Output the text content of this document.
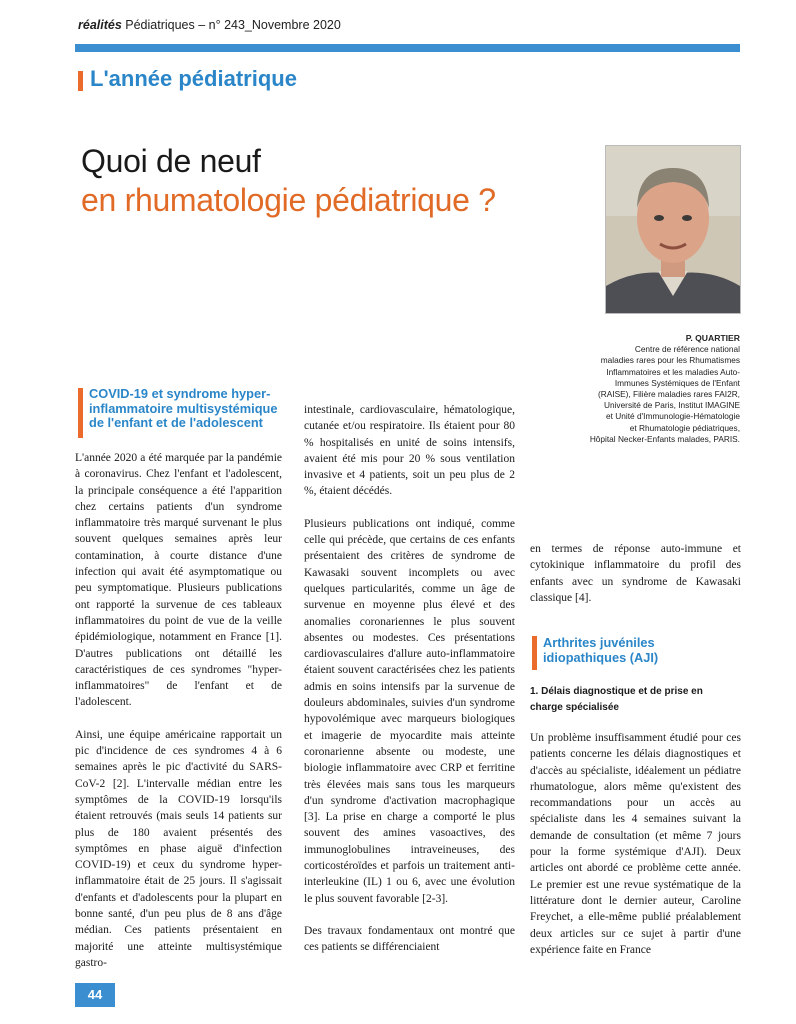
réalités Pédiatriques – n° 243_Novembre 2020
L'année pédiatrique
Quoi de neuf
en rhumatologie pédiatrique ?
P. QUARTIER
Centre de référence national
maladies rares pour les Rhumatismes
Inflammatoires et les maladies Auto-
Immunes Systémiques de l'Enfant
(RAISE), Filière maladies rares FAI2R,
Université de Paris, Institut IMAGINE
et Unité d'Immunologie-Hématologie
et Rhumatologie pédiatriques,
Hôpital Necker-Enfants malades, PARIS.
COVID-19 et syndrome hyper-inflammatoire multisystémique de l'enfant et de l'adolescent

L'année 2020 a été marquée par la pandémie à coronavirus. Chez l'enfant et l'adolescent, la principale conséquence a été l'apparition chez certains patients d'un syndrome inflammatoire très marqué survenant le plus souvent quelques semaines après leur contamination, à courte distance d'une infection qui avait été asymptomatique ou peu symptomatique. Plusieurs publications ont rapporté la survenue de ces tableaux inflammatoires du point de vue de la veille épidémiologique, notamment en France [1]. D'autres publications ont détaillé les caractéristiques de ces syndromes "hyper-inflammatoires" de l'enfant et de l'adolescent.

Ainsi, une équipe américaine rapportait un pic d'incidence de ces syndromes 4 à 6 semaines après le pic d'activité du SARS-CoV-2 [2]. L'intervalle médian entre les symptômes de la COVID-19 lorsqu'ils étaient retrouvés (mais seuls 14 patients sur plus de 180 avaient présentés des symptômes en phase aiguë d'infection COVID-19) et ceux du syndrome hyper-inflammatoire était de 25 jours. Il s'agissait d'enfants et d'adolescents pour la plupart en bonne santé, d'un peu plus de 8 ans d'âge médian. Ces patients présentaient en majorité une atteinte multisystémique gastro-

intestinale, cardiovasculaire, hématologique, cutanée et/ou respiratoire. Ils étaient pour 80 % hospitalisés en unité de soins intensifs, avaient été mis pour 20 % sous ventilation invasive et 4 patients, soit un peu plus de 2 %, étaient décédés.

Plusieurs publications ont indiqué, comme celle qui précède, que certains de ces enfants présentaient des critères de syndrome de Kawasaki souvent incomplets ou avec quelques particularités, comme un âge de survenue en moyenne plus élevé et des anomalies coronariennes le plus souvent absentes ou modestes. Ces présentations cardiovasculaires d'allure auto-inflammatoire étaient souvent caractérisées chez les patients admis en soins intensifs par la survenue de douleurs abdominales, suivies d'un syndrome hypovolémique avec marqueurs biologiques et imagerie de myocardite mais atteinte coronarienne absente ou modeste, une biologie inflammatoire avec CRP et ferritine très élevées mais sans tous les marqueurs d'un syndrome d'activation macrophagique [3]. La prise en charge a comporté le plus souvent des amines vasoactives, des immunoglobulines intraveineuses, des corticostéroïdes et parfois un traitement anti-interleukine (IL) 1 ou 6, avec une évolution le plus souvent favorable [2-3].

Des travaux fondamentaux ont montré que ces patients se différenciaient

en termes de réponse auto-immune et cytokinique inflammatoire du profil des enfants avec un syndrome de Kawasaki classique [4].

Arthrites juvéniles idiopathiques (AJI)
1. Délais diagnostique et de prise en charge spécialisée

Un problème insuffisamment étudié pour ces patients concerne les délais diagnostiques et d'accès au spécialiste, idéalement un pédiatre rhumatologue, alors même qu'existent des recommandations pour un accès au spécialiste dans les 4 semaines suivant la demande de consultation (et même 7 jours pour la forme systémique d'AJI). Deux articles ont abordé ce problème cette année. Le premier est une revue systématique de la littérature dont le dernier auteur, Caroline Freychet, a elle-même publié préalablement deux articles sur ce sujet à partir d'une expérience faite en France

44
